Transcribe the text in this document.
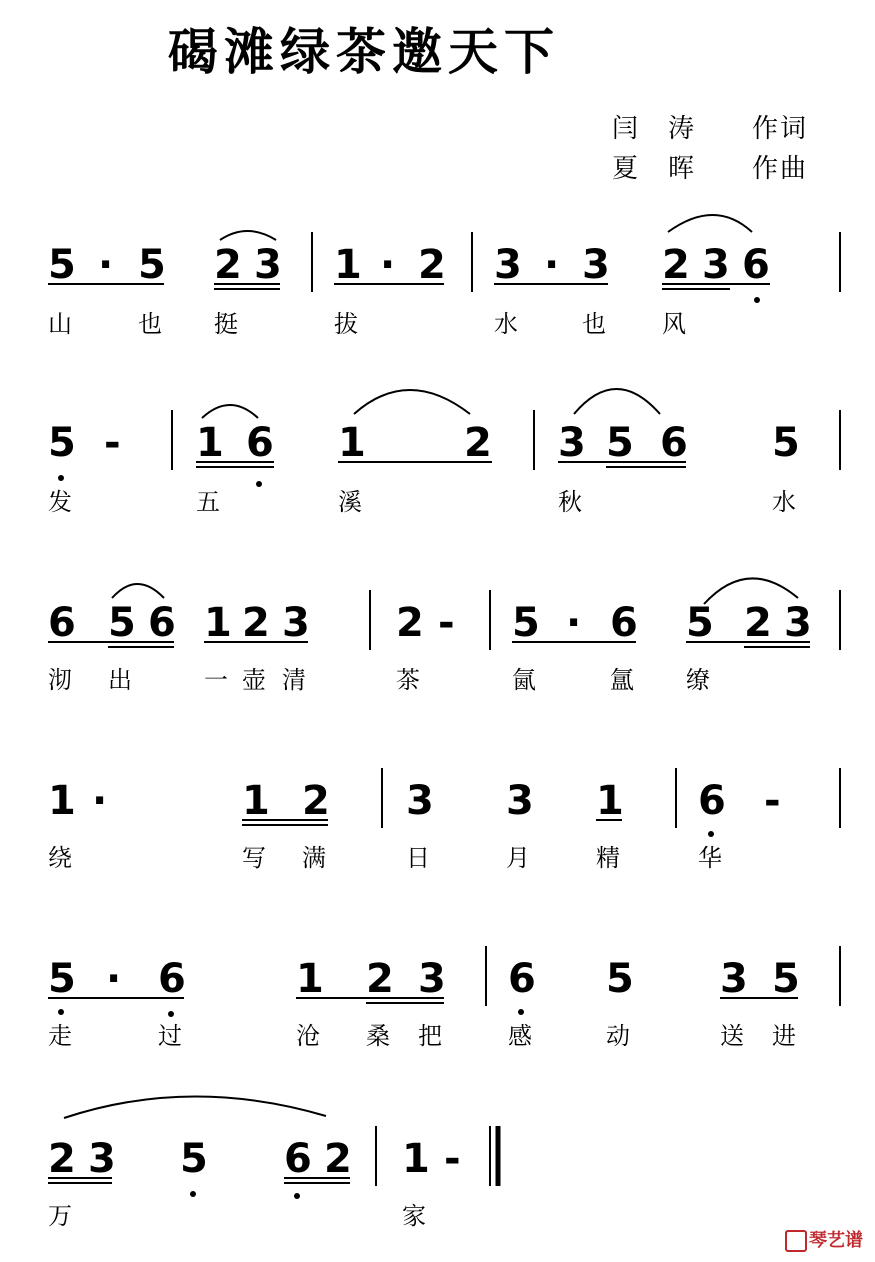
碣滩绿茶邀天下
闫　涛　　作词
夏　晖　　作曲
5 · 5 2 3 1 · 2 3 · 3 2 3 6
山	也 挺	拔	水	也 风
5 - 1 6 1 2 3 5 6 5
发	五	溪	秋	水
6 5 6 1 2 3 2 - 5 · 6 5 2 3
沏 出	一 壶 清	茶	氤	氲 缭
1 ·	1 2 3 3 1 6 -
绕	写 满	日	月	精	华
5 · 6	1 2 3 6 5 3 5
走	过	沧 桑 把	感	动	送 进
2 3 5 6 2 1 -
万	家
琴艺谱
